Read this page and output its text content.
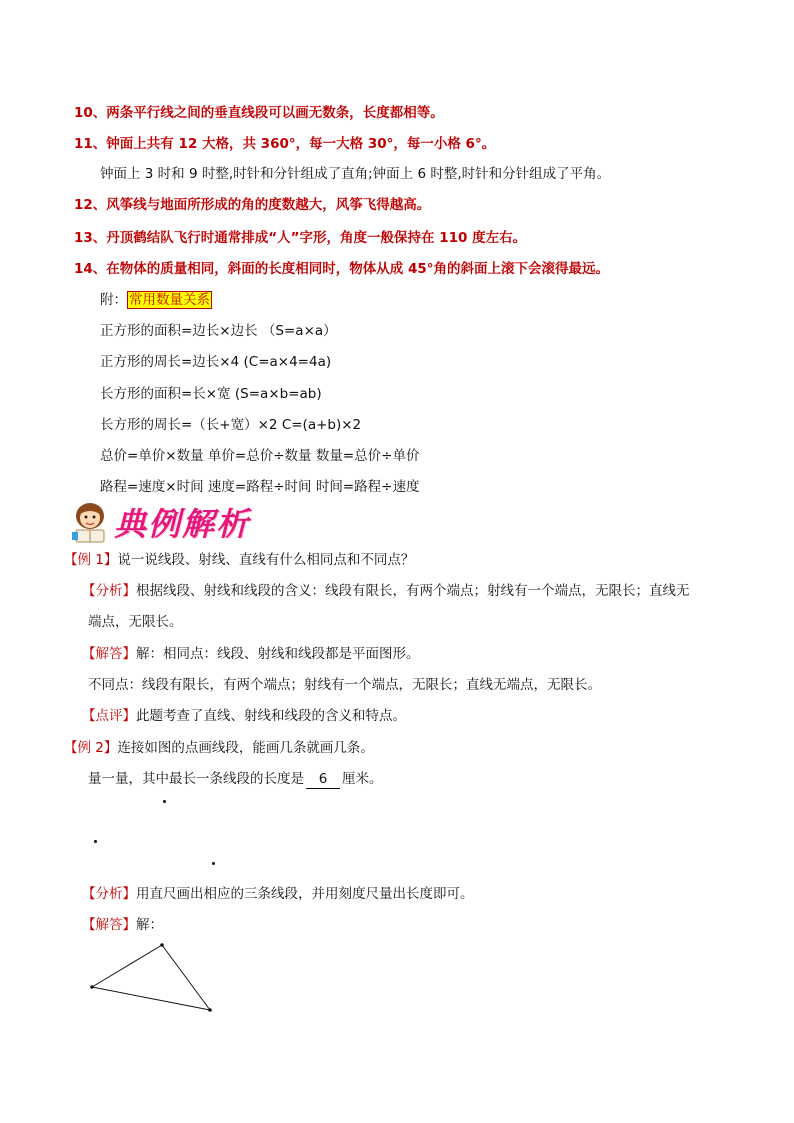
10、两条平行线之间的垂直线段可以画无数条，长度都相等。
11、钟面上共有 12 大格，共 360°，每一大格 30°，每一小格 6°。
钟面上 3 时和 9 时整,时针和分针组成了直角;钟面上 6 时整,时针和分针组成了平角。
12、风筝线与地面所形成的角的度数越大，风筝飞得越高。
13、丹顶鹤结队飞行时通常排成“人”字形，角度一般保持在 110 度左右。
14、在物体的质量相同，斜面的长度相同时，物体从成 45°角的斜面上滚下会滚得最远。
附： 常用数量关系
正方形的面积=边长×边长 （S=a×a）
正方形的周长=边长×4 (C=a×4=4a)
长方形的面积=长×宽 (S=a×b=ab)
长方形的周长=（长+宽）×2 C=(a+b)×2
总价=单价×数量 单价=总价÷数量 数量=总价÷单价
路程=速度×时间 速度=路程÷时间 时间=路程÷速度
典例解析
【例 1】说一说线段、射线、直线有什么相同点和不同点？
【分析】根据线段、射线和线段的含义：线段有限长，有两个端点；射线有一个端点，无限长；直线无
端点，无限长。
【解答】解：相同点：线段、射线和线段都是平面图形。
不同点：线段有限长，有两个端点；射线有一个端点，无限长；直线无端点，无限长。
【点评】此题考查了直线、射线和线段的含义和特点。
【例 2】连接如图的点画线段，能画几条就画几条。
量一量，其中最长一条线段的长度是 6 厘米。
【分析】用直尺画出相应的三条线段，并用刻度尺量出长度即可。
【解答】解：
